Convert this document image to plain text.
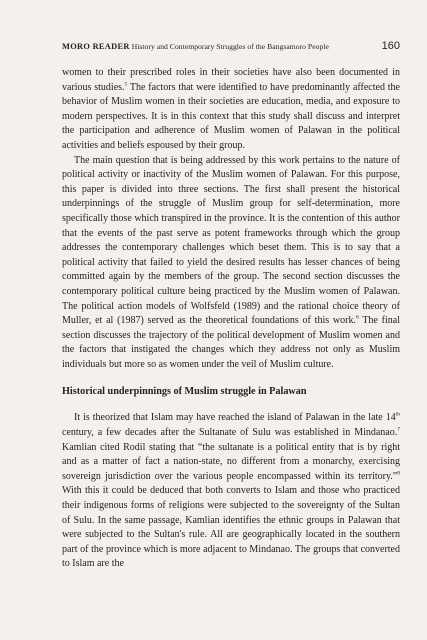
MORO READER History and Contemporary Struggles of the Bangsamoro People	160

women to their prescribed roles in their societies have also been documented in various studies.$^5$ The factors that were identified to have predominantly affected the behavior of Muslim women in their societies are education, media, and exposure to modern perspectives. It is in this context that this study shall discuss and interpret the participation and adherence of Muslim women of Palawan in the political activities and beliefs espoused by their group.

The main question that is being addressed by this work pertains to the nature of political activity or inactivity of the Muslim women of Palawan. For this purpose, this paper is divided into three sections. The first shall present the historical underpinnings of the struggle of Muslim group for self-determination, more specifically those which transpired in the province. It is the contention of this author that the events of the past serve as potent frameworks through which the group addresses the contemporary challenges which beset them. This is to say that a political activity that failed to yield the desired results has lesser chances of being committed again by the members of the group. The second section discusses the contemporary political culture being practiced by the Muslim women of Palawan. The political action models of Wolfsfeld (1989) and the rational choice theory of Muller, et al (1987) served as the theoretical foundations of this work.$^6$ The final section discusses the trajectory of the political development of Muslim women and the factors that instigated the changes which they address not only as Muslim individuals but more so as women under the veil of Muslim culture.

Historical underpinnings of Muslim struggle in Palawan

It is theorized that Islam may have reached the island of Palawan in the late 14th century, a few decades after the Sultanate of Sulu was established in Mindanao.$^7$ Kamlian cited Rodil stating that “the sultanate is a political entity that is by right and as a matter of fact a nation-state, no different from a monarchy, exercising sovereign jurisdiction over the various people encompassed within its territory.”$^8$ With this it could be deduced that both converts to Islam and those who practiced their indigenous forms of religions were subjected to the sovereignty of the Sultan of Sulu. In the same passage, Kamlian identifies the ethnic groups in Palawan that were subjected to the Sultan's rule. All are geographically located in the southern part of the province which is more adjacent to Mindanao. The groups that converted to Islam are the
